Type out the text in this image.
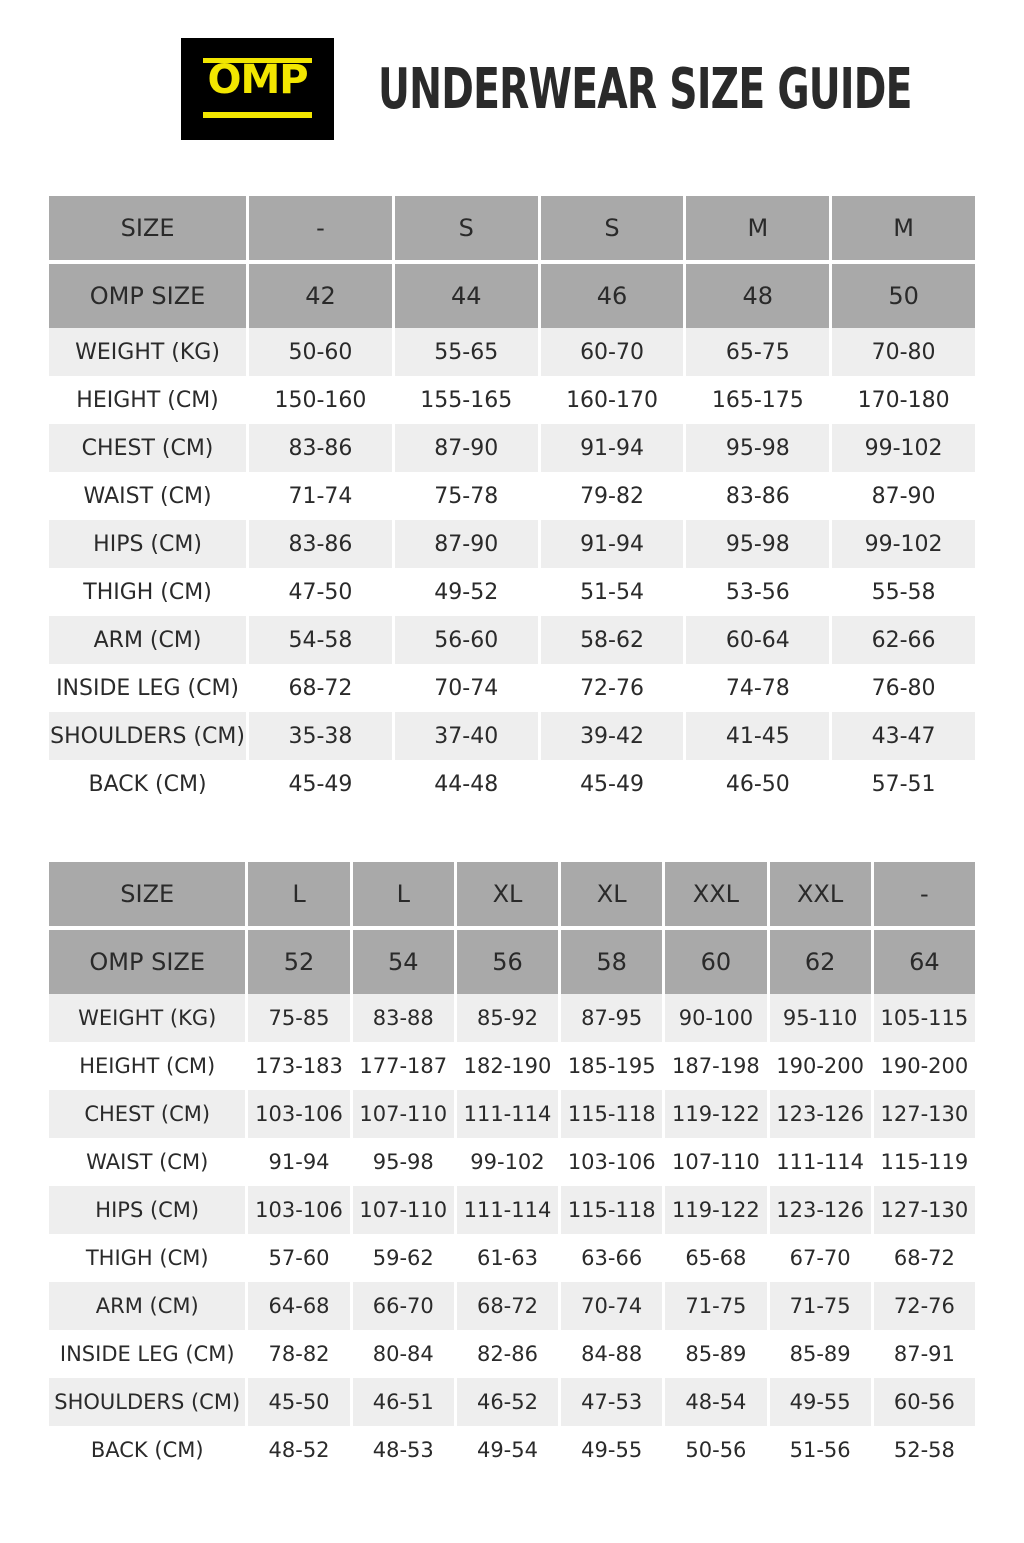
OMP	UNDERWEAR SIZE GUIDE
SIZE	-	S	S	M	M
OMP SIZE	42	44	46	48	50
WEIGHT (KG)	50-60	55-65	60-70	65-75	70-80
HEIGHT (CM)	150-160	155-165	160-170	165-175	170-180
CHEST (CM)	83-86	87-90	91-94	95-98	99-102
WAIST (CM)	71-74	75-78	79-82	83-86	87-90
HIPS (CM)	83-86	87-90	91-94	95-98	99-102
THIGH (CM)	47-50	49-52	51-54	53-56	55-58
ARM (CM)	54-58	56-60	58-62	60-64	62-66
INSIDE LEG (CM)	68-72	70-74	72-76	74-78	76-80
SHOULDERS (CM)	35-38	37-40	39-42	41-45	43-47
BACK (CM)	45-49	44-48	45-49	46-50	57-51
SIZE	L	L	XL	XL	XXL	XXL	-
OMP SIZE	52	54	56	58	60	62	64
WEIGHT (KG)	75-85	83-88	85-92	87-95	90-100	95-110	105-115
HEIGHT (CM)	173-183	177-187	182-190	185-195	187-198	190-200	190-200
CHEST (CM)	103-106	107-110	111-114	115-118	119-122	123-126	127-130
WAIST (CM)	91-94	95-98	99-102	103-106	107-110	111-114	115-119
HIPS (CM)	103-106	107-110	111-114	115-118	119-122	123-126	127-130
THIGH (CM)	57-60	59-62	61-63	63-66	65-68	67-70	68-72
ARM (CM)	64-68	66-70	68-72	70-74	71-75	71-75	72-76
INSIDE LEG (CM)	78-82	80-84	82-86	84-88	85-89	85-89	87-91
SHOULDERS (CM)	45-50	46-51	46-52	47-53	48-54	49-55	60-56
BACK (CM)	48-52	48-53	49-54	49-55	50-56	51-56	52-58
